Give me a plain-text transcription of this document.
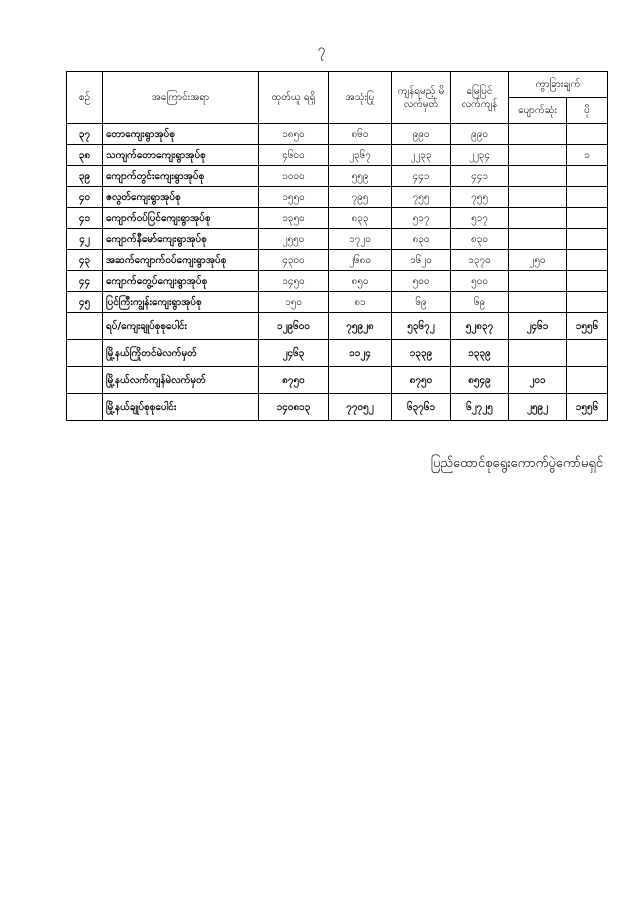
၇
စဉ်	အကြောင်းအရာ	ထုတ်ယူ ရရှိ	အသုံးပြု	ကျန်ရမည့် မိလက်မှတ်	မြေပြင် လက်ကျန်	ကွာခြားချက်	
						ပျောက်ဆုံး	ပို
၃၇	တောကျေးရွာအုပ်စု	၁၈၅၀	၈၆၀	၉၉၀	၉၉၀		
၃၈	သကျက်တောကျေးရွာအုပ်စု	၄၆၀၀	၂၃၆၇	၂၂၃၃	၂၂၃၄		၁
၃၉	ကျောက်တွင်းကျေးရွာအုပ်စု	၁၀၀၀	၅၅၉	၄၄၁	၄၄၁		
၄၀	ဇလွတ်ကျေးရွာအုပ်စု	၁၅၅၀	၇၉၅	၇၅၅	၇၅၅		
၄၁	ကျောက်ဝပ်ပြင်ကျေးရွာအုပ်စု	၁၃၅၀	၈၃၃	၅၁၇	၅၁၇		
၄၂	ကျောက်နီမော်ကျေးရွာအုပ်စု	၂၅၅၀	၁၇၂၀	၈၃၀	၈၃၀		
၄၃	အဆက်ကျောက်ဝပ်ကျေးရွာအုပ်စု	၄၃၀၀	၂၆၈၀	၁၆၂၀	၁၃၇၀	၂၅၀	
၄၄	ကျောက်တွေ့ပ်ကျေးရွာအုပ်စု	၁၄၅၀	၈၅၀	၅၀၀	၅၀၀		
၄၅	ပြင်ကြီးကျွန်းကျေးရွာအုပ်စု	၁၅၀	၈၁	၆၉	၆၉		
	ရပ်/ကျေးချုပ်စုစုပေါင်း	၁၂၉၆၀၀	၇၅၉၂၈	၅၃၆၇၂	၅၂၈၃၇	၂၄၆၁	၁၅၅၆
	မြို့နယ်ကြိုတင်မဲလက်မှတ်	၂၄၆၃	၁၁၂၄	၁၃၃၉	၁၃၃၉		
	မြို့နယ်လက်ကျန်မဲလက်မှတ်	၈၇၅၀		၈၇၅၀	၈၅၄၉	၂၀၁	
	မြို့နယ်ချုပ်စုစုပေါင်း	၁၄၀၈၁၃	၇၇၀၅၂	၆၃၇၆၁	၆၂၇၂၅	၂၅၉၂	၁၅၅၆
ပြည်ထောင်စုရွေးကောက်ပွဲကော်မရှင်
